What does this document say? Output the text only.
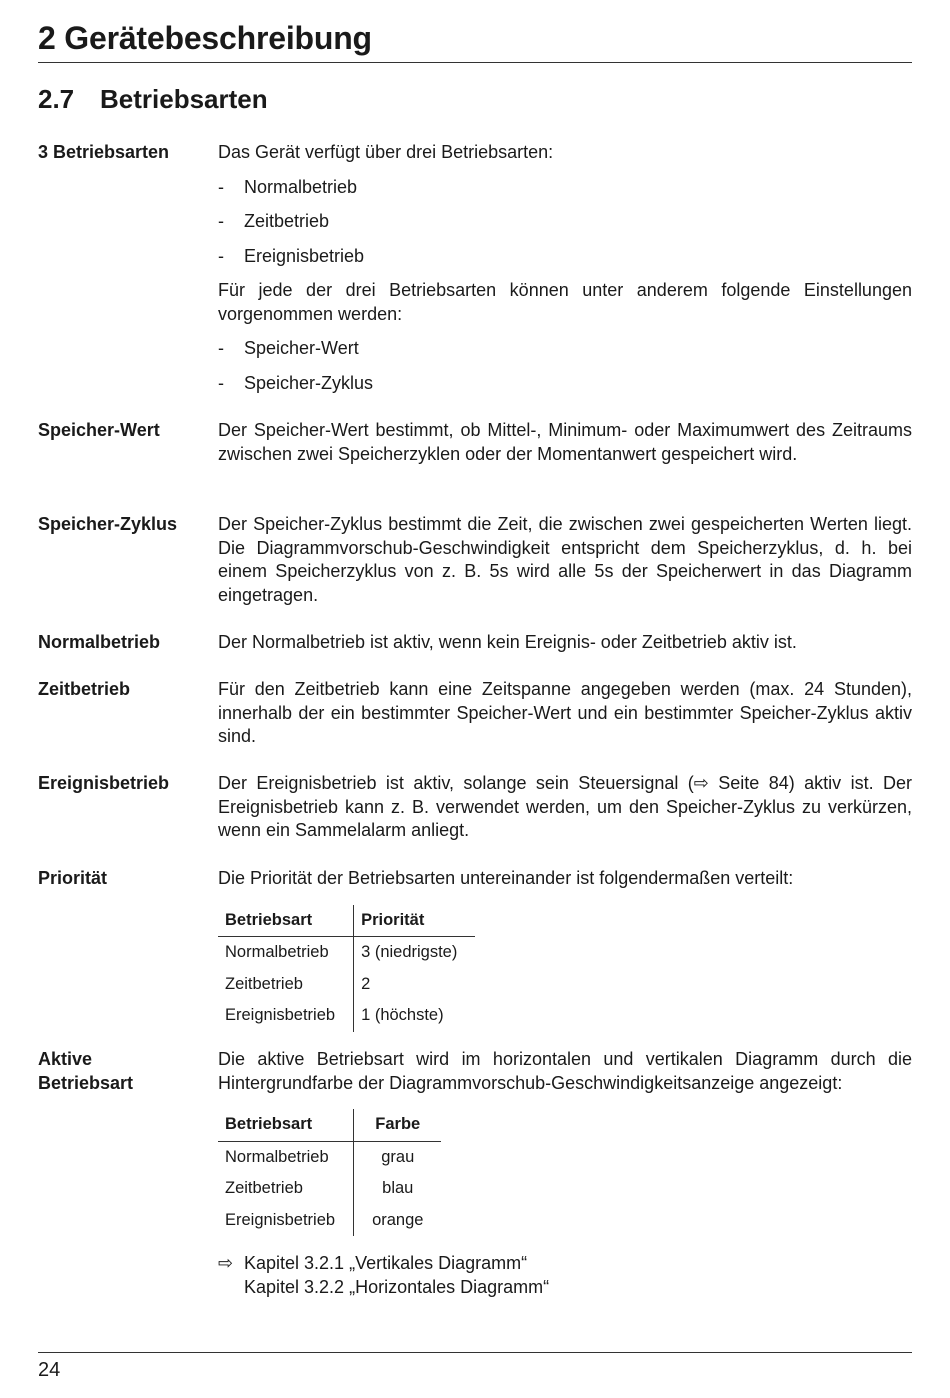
2 Gerätebeschreibung
2.7 Betriebsarten
3 Betriebsarten	Das Gerät verfügt über drei Betriebsarten:

- Normalbetrieb
- Zeitbetrieb
- Ereignisbetrieb

Für jede der drei Betriebsarten können unter anderem folgende Einstellungen vorgenommen werden:

- Speicher-Wert
- Speicher-Zyklus
Speicher-Wert	Der Speicher-Wert bestimmt, ob Mittel-, Minimum- oder Maximumwert des Zeitraums zwischen zwei Speicherzyklen oder der Momentanwert gespeichert wird.

Speicher-Zyklus	Der Speicher-Zyklus bestimmt die Zeit, die zwischen zwei gespeicherten Werten liegt. Die Diagrammvorschub-Geschwindigkeit entspricht dem Speicherzyklus, d. h. bei einem Speicherzyklus von z. B. 5s wird alle 5s der Speicherwert in das Diagramm eingetragen.

Normalbetrieb	Der Normalbetrieb ist aktiv, wenn kein Ereignis- oder Zeitbetrieb aktiv ist.

Zeitbetrieb	Für den Zeitbetrieb kann eine Zeitspanne angegeben werden (max. 24 Stunden), innerhalb der ein bestimmter Speicher-Wert und ein bestimmter Speicher-Zyklus aktiv sind.

Ereignisbetrieb	Der Ereignisbetrieb ist aktiv, solange sein Steuersignal (⇨ Seite 84) aktiv ist. Der Ereignisbetrieb kann z. B. verwendet werden, um den Speicher-Zyklus zu verkürzen, wenn ein Sammelalarm anliegt.

Priorität	Die Priorität der Betriebsarten untereinander ist folgendermaßen verteilt:

Betriebsart	Priorität
Normalbetrieb	3 (niedrigste)
Zeitbetrieb	2
Ereignisbetrieb	1 (höchste)
Aktive
Betriebsart

Die aktive Betriebsart wird im horizontalen und vertikalen Diagramm durch die Hintergrundfarbe der Diagrammvorschub-Geschwindigkeitsanzeige angezeigt:

Betriebsart	Farbe
Normalbetrieb	grau
Zeitbetrieb	blau
Ereignisbetrieb	orange
⇨ Kapitel 3.2.1 „Vertikales Diagramm“
Kapitel 3.2.2 „Horizontales Diagramm“
24
